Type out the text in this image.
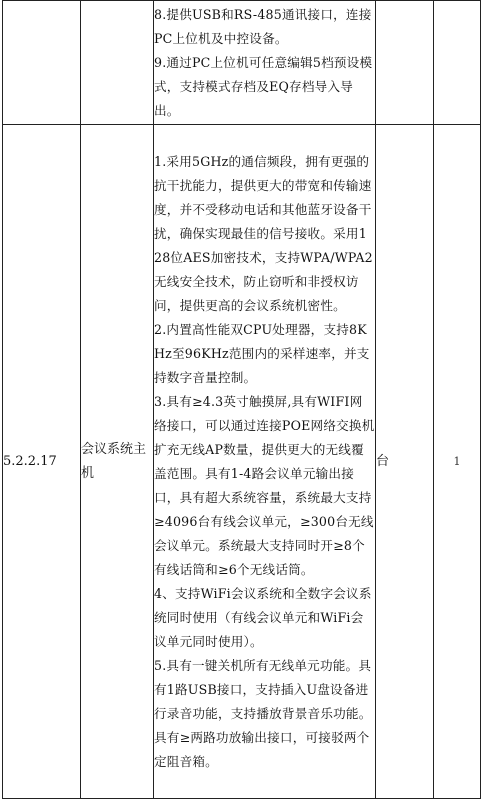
		8.提供USB和RS-485通讯接口，连接PC上位机及中控设备。

9.通过PC上位机可任意编辑5档预设模式，支持模式存档及EQ存档导入导出。		

5.2.2.17	会议系统主机	1.采用5GHz的通信频段，拥有更强的抗干扰能力，提供更大的带宽和传输速度，并不受移动电话和其他蓝牙设备干扰，确保实现最佳的信号接收。采用128位AES加密技术，支持WPA/WPA2无线安全技术，防止窃听和非授权访问，提供更高的会议系统机密性。

2.内置高性能双CPU处理器，支持8KHz至96KHz范围内的采样速率，并支持数字音量控制。

3.具有≥4.3英寸触摸屏,具有WIFI网络接口，可以通过连接POE网络交换机扩充无线AP数量，提供更大的无线覆盖范围。具有1-4路会议单元输出接口，具有超大系统容量，系统最大支持≥4096台有线会议单元，≥300台无线会议单元。系统最大支持同时开≥8个有线话筒和≥6个无线话筒。

4、支持WiFi会议系统和全数字会议系统同时使用（有线会议单元和WiFi会议单元同时使用）。

5.具有一键关机所有无线单元功能。具有1路USB接口，支持插入U盘设备进行录音功能，支持播放背景音乐功能。具有≥两路功放输出接口，可接驳两个定阻音箱。	台	1
